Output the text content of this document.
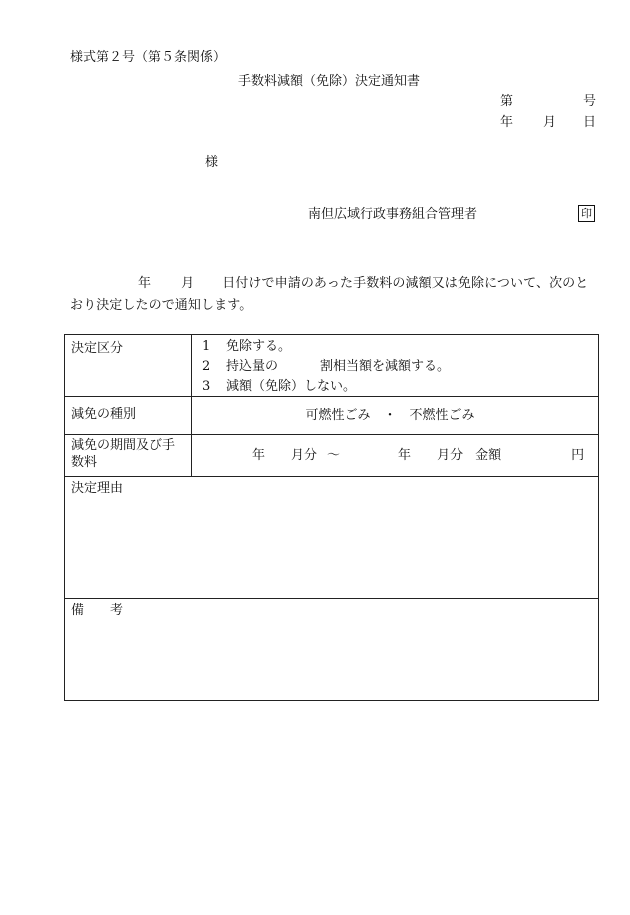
様式第２号（第５条関係）
手数料減額（免除）決定通知書
第	号
年 月 日
様
南但広域行政事務組合管理者	印
年 月 日付けで申請のあった手数料の減額又は免除について、次のとおり決定したので通知します。
決定区分	1 免除する。
2 持込量の	割相当額を減額する。
3 減額（免除）しない。
減免の種別	可燃性ごみ　・　不燃性ごみ
減免の期間及び手数料	年 月分 ～	年 月分 金額	円
決定理由
備　　考
